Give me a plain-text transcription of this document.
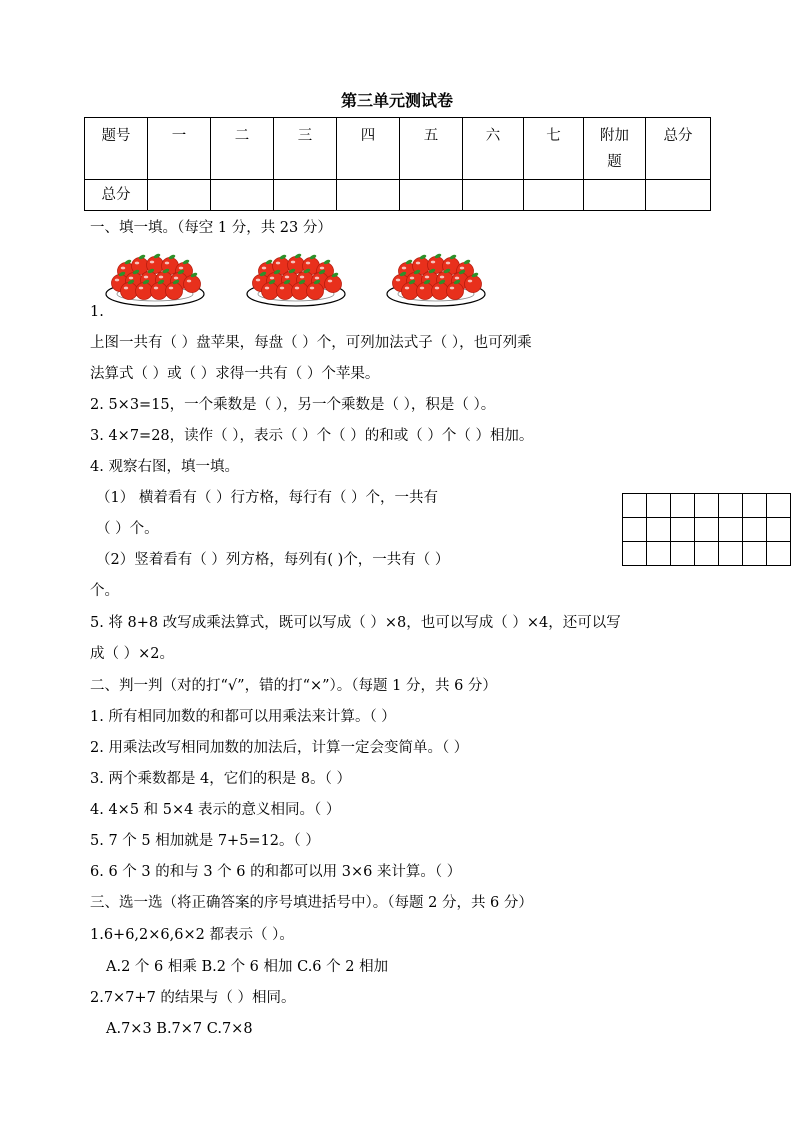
第三单元测试卷
题号	一	二	三	四	五	六	七	附加题	总分
总分									
一、填一填。（每空 1 分，共 23 分）
1.
上图一共有（ ）盘苹果，每盘（ ）个，可列加法式子（ ），也可列乘
法算式（ ）或（ ）求得一共有（ ）个苹果。
2. 5×3=15，一个乘数是（ ），另一个乘数是（ ），积是（ ）。
3. 4×7=28，读作（ ），表示（ ）个（ ）的和或（ ）个（ ）相加。
4. 观察右图，填一填。
（1） 横着看有（ ）行方格，每行有（ ）个，一共有
（ ）个。
（2）竖着看有（ ）列方格，每列有( )个，一共有（ ）
个。

5. 将 8+8 改写成乘法算式，既可以写成（ ）×8，也可以写成（ ）×4，还可以写
成（ ）×2。
二、判一判（对的打“√”，错的打“×”）。（每题 1 分，共 6 分）
1. 所有相同加数的和都可以用乘法来计算。（ ）
2. 用乘法改写相同加数的加法后，计算一定会变简单。（ ）
3. 两个乘数都是 4，它们的积是 8。（ ）
4. 4×5 和 5×4 表示的意义相同。（ ）
5. 7 个 5 相加就是 7+5=12。（ ）
6. 6 个 3 的和与 3 个 6 的和都可以用 3×6 来计算。（ ）
三、选一选（将正确答案的序号填进括号中）。（每题 2 分，共 6 分）
1.6+6,2×6,6×2 都表示（ ）。
A.2 个 6 相乘 B.2 个 6 相加 C.6 个 2 相加
2.7×7+7 的结果与（ ）相同。
A.7×3 B.7×7 C.7×8
